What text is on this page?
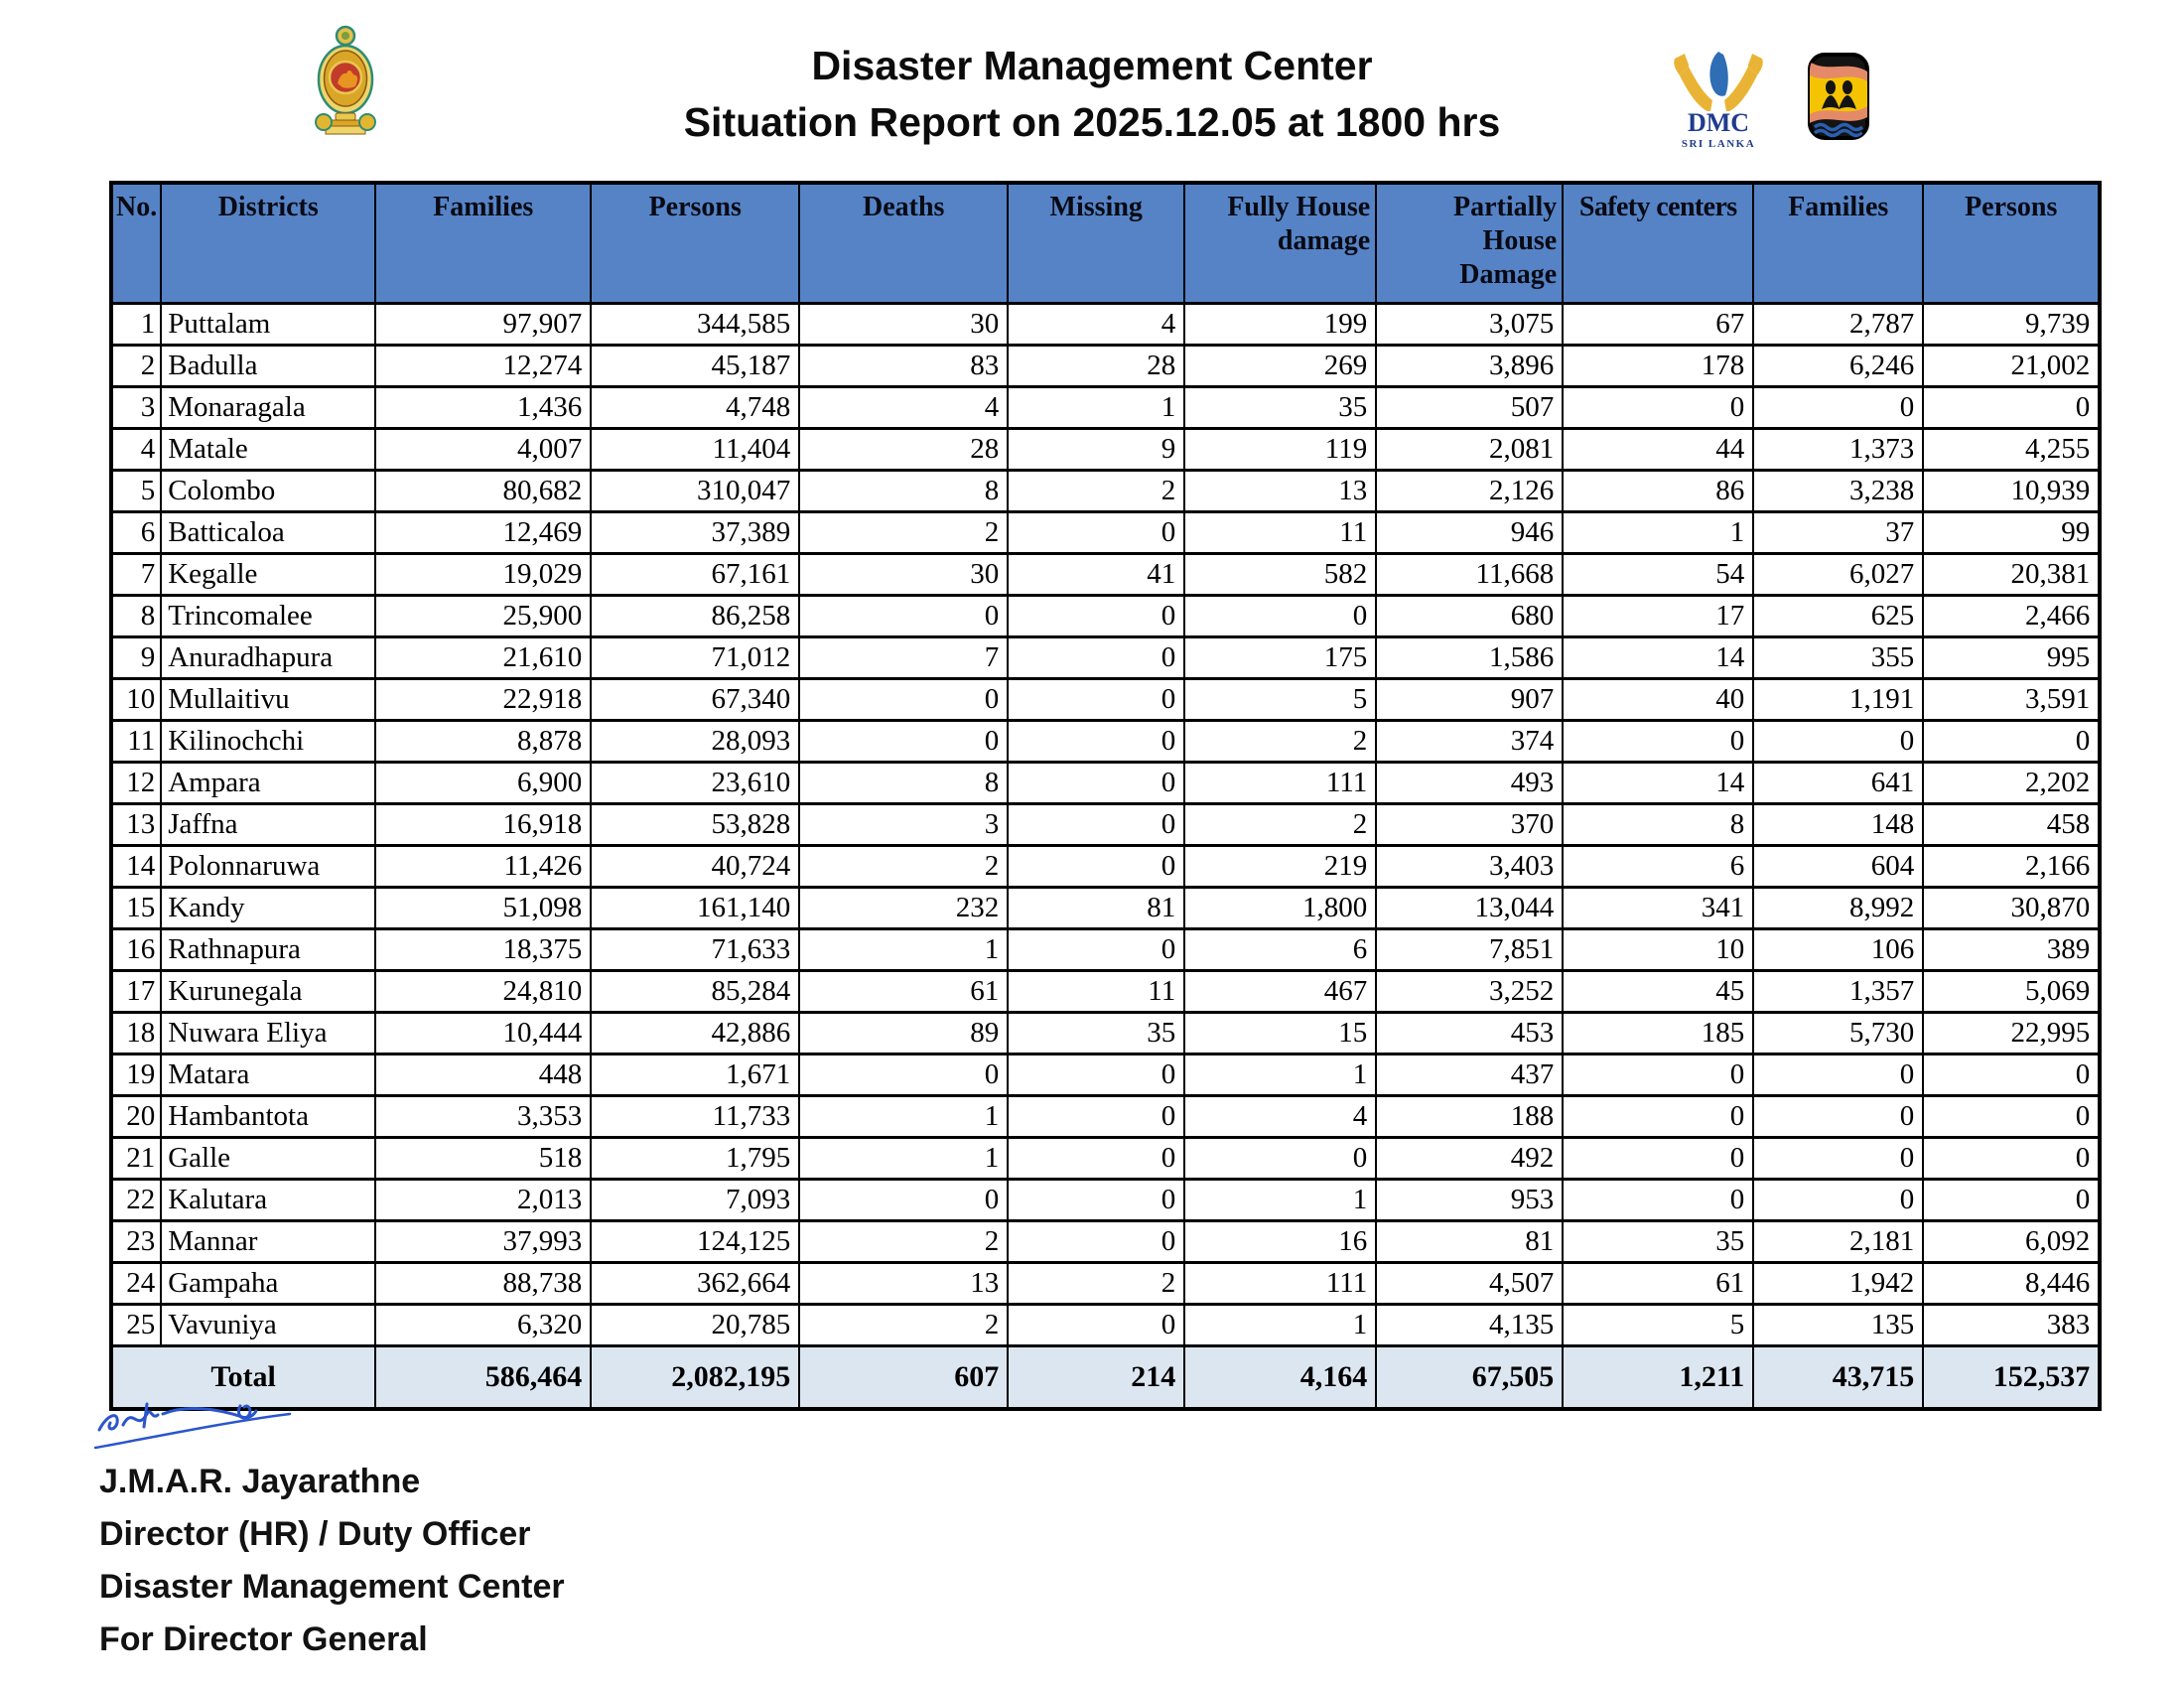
Disaster Management Center
Situation Report on 2025.12.05 at 1800 hrs	DMC
SRI LANKA
No.	Districts	Families	Persons	Deaths	Missing	Fully House damage	Partially House Damage	Safety centers	Families	Persons
1	Puttalam	97,907	344,585	30	4	199	3,075	67	2,787	9,739
2	Badulla	12,274	45,187	83	28	269	3,896	178	6,246	21,002
3	Monaragala	1,436	4,748	4	1	35	507	0	0	0
4	Matale	4,007	11,404	28	9	119	2,081	44	1,373	4,255
5	Colombo	80,682	310,047	8	2	13	2,126	86	3,238	10,939
6	Batticaloa	12,469	37,389	2	0	11	946	1	37	99
7	Kegalle	19,029	67,161	30	41	582	11,668	54	6,027	20,381
8	Trincomalee	25,900	86,258	0	0	0	680	17	625	2,466
9	Anuradhapura	21,610	71,012	7	0	175	1,586	14	355	995
10	Mullaitivu	22,918	67,340	0	0	5	907	40	1,191	3,591
11	Kilinochchi	8,878	28,093	0	0	2	374	0	0	0
12	Ampara	6,900	23,610	8	0	111	493	14	641	2,202
13	Jaffna	16,918	53,828	3	0	2	370	8	148	458
14	Polonnaruwa	11,426	40,724	2	0	219	3,403	6	604	2,166
15	Kandy	51,098	161,140	232	81	1,800	13,044	341	8,992	30,870
16	Rathnapura	18,375	71,633	1	0	6	7,851	10	106	389
17	Kurunegala	24,810	85,284	61	11	467	3,252	45	1,357	5,069
18	Nuwara Eliya	10,444	42,886	89	35	15	453	185	5,730	22,995
19	Matara	448	1,671	0	0	1	437	0	0	0
20	Hambantota	3,353	11,733	1	0	4	188	0	0	0
21	Galle	518	1,795	1	0	0	492	0	0	0
22	Kalutara	2,013	7,093	0	0	1	953	0	0	0
23	Mannar	37,993	124,125	2	0	16	81	35	2,181	6,092
24	Gampaha	88,738	362,664	13	2	111	4,507	61	1,942	8,446
25	Vavuniya	6,320	20,785	2	0	1	4,135	5	135	383
Total		586,464	2,082,195	607	214	4,164	67,505	1,211	43,715	152,537
J.M.A.R. Jayarathne
Director (HR) / Duty Officer
Disaster Management Center
For Director General
